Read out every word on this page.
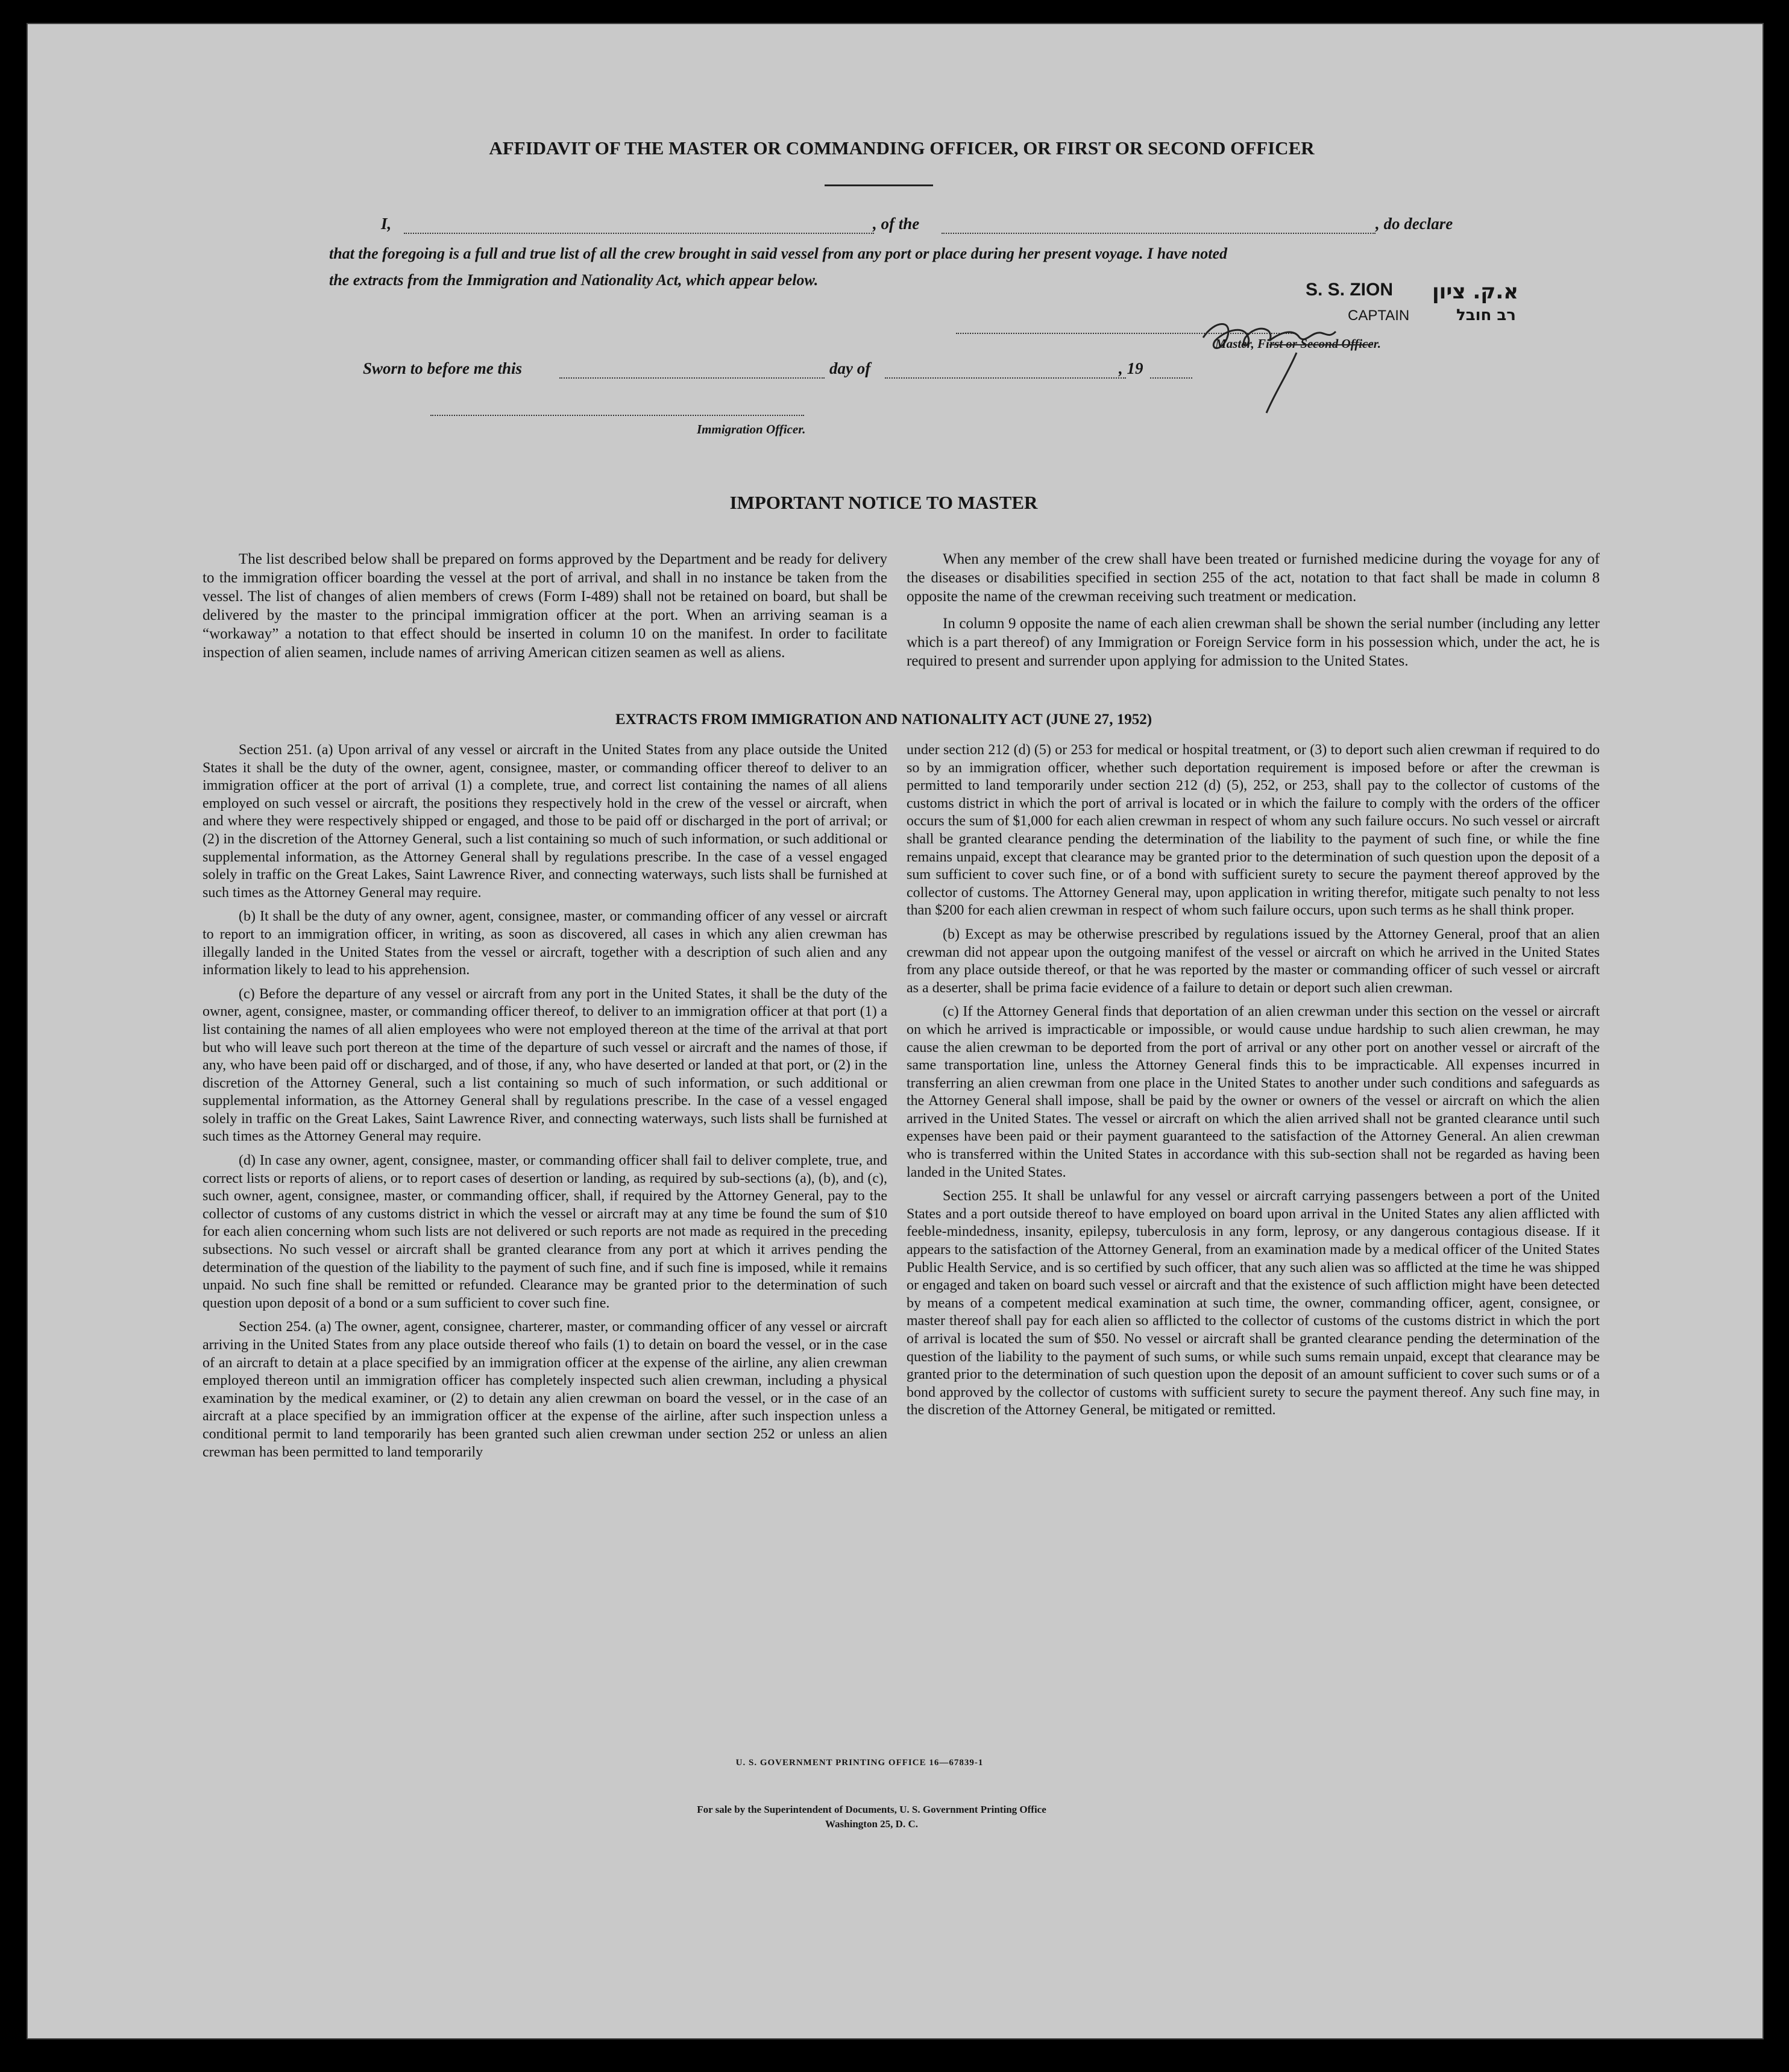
AFFIDAVIT OF THE MASTER OR COMMANDING OFFICER, OR FIRST OR SECOND OFFICER
I,	, of the	, do declare
that the foregoing is a full and true list of all the crew brought in said vessel from any port or place during her present voyage. I have noted
the extracts from the Immigration and Nationality Act, which appear below.	S. S. ZION א.ק. ציון
CAPTAIN	רב חובל
Master, First or Second Officer.
Sworn to before me this	day of	, 19
Immigration Officer.
IMPORTANT NOTICE TO MASTER

The list described below shall be prepared on forms approved by the Department and be ready for delivery to the immigration officer boarding the vessel at the port of arrival, and shall in no instance be taken from the vessel. The list of changes of alien members of crews (Form I-489) shall not be retained on board, but shall be delivered by the master to the principal immigration officer at the port. When an arriving seaman is a “workaway” a notation to that effect should be inserted in column 10 on the manifest. In order to facilitate inspection of alien seamen, include names of arriving American citizen seamen as well as aliens.

When any member of the crew shall have been treated or furnished medicine during the voyage for any of the diseases or disabilities specified in section 255 of the act, notation to that fact shall be made in column 8 opposite the name of the crewman receiving such treatment or medication.

In column 9 opposite the name of each alien crewman shall be shown the serial number (including any letter which is a part thereof) of any Immigration or Foreign Service form in his possession which, under the act, he is required to present and surrender upon applying for admission to the United States.

EXTRACTS FROM IMMIGRATION AND NATIONALITY ACT (JUNE 27, 1952)

Section 251. (a) Upon arrival of any vessel or aircraft in the United States from any place outside the United States it shall be the duty of the owner, agent, consignee, master, or commanding officer thereof to deliver to an immigration officer at the port of arrival (1) a complete, true, and correct list containing the names of all aliens employed on such vessel or aircraft, the positions they respectively hold in the crew of the vessel or aircraft, when and where they were respectively shipped or engaged, and those to be paid off or discharged in the port of arrival; or (2) in the discretion of the Attorney General, such a list containing so much of such information, or such additional or supplemental information, as the Attorney General shall by regulations prescribe. In the case of a vessel engaged solely in traffic on the Great Lakes, Saint Lawrence River, and connecting waterways, such lists shall be furnished at such times as the Attorney General may require.

(b) It shall be the duty of any owner, agent, consignee, master, or commanding officer of any vessel or aircraft to report to an immigration officer, in writing, as soon as discovered, all cases in which any alien crewman has illegally landed in the United States from the vessel or aircraft, together with a description of such alien and any information likely to lead to his apprehension.

(c) Before the departure of any vessel or aircraft from any port in the United States, it shall be the duty of the owner, agent, consignee, master, or commanding officer thereof, to deliver to an immigration officer at that port (1) a list containing the names of all alien employees who were not employed thereon at the time of the arrival at that port but who will leave such port thereon at the time of the departure of such vessel or aircraft and the names of those, if any, who have been paid off or discharged, and of those, if any, who have deserted or landed at that port, or (2) in the discretion of the Attorney General, such a list containing so much of such information, or such additional or supplemental information, as the Attorney General shall by regulations prescribe. In the case of a vessel engaged solely in traffic on the Great Lakes, Saint Lawrence River, and connecting waterways, such lists shall be furnished at such times as the Attorney General may require.

(d) In case any owner, agent, consignee, master, or commanding officer shall fail to deliver complete, true, and correct lists or reports of aliens, or to report cases of desertion or landing, as required by sub-sections (a), (b), and (c), such owner, agent, consignee, master, or commanding officer, shall, if required by the Attorney General, pay to the collector of customs of any customs district in which the vessel or aircraft may at any time be found the sum of $10 for each alien concerning whom such lists are not delivered or such reports are not made as required in the preceding subsections. No such vessel or aircraft shall be granted clearance from any port at which it arrives pending the determination of the question of the liability to the payment of such fine, and if such fine is imposed, while it remains unpaid. No such fine shall be remitted or refunded. Clearance may be granted prior to the determination of such question upon deposit of a bond or a sum sufficient to cover such fine.

Section 254. (a) The owner, agent, consignee, charterer, master, or commanding officer of any vessel or aircraft arriving in the United States from any place outside thereof who fails (1) to detain on board the vessel, or in the case of an aircraft to detain at a place specified by an immigration officer at the expense of the airline, any alien crewman employed thereon until an immigration officer has completely inspected such alien crewman, including a physical examination by the medical examiner, or (2) to detain any alien crewman on board the vessel, or in the case of an aircraft at a place specified by an immigration officer at the expense of the airline, after such inspection unless a conditional permit to land temporarily has been granted such alien crewman under section 252 or unless an alien crewman has been permitted to land temporarily

under section 212 (d) (5) or 253 for medical or hospital treatment, or (3) to deport such alien crewman if required to do so by an immigration officer, whether such deportation requirement is imposed before or after the crewman is permitted to land temporarily under section 212 (d) (5), 252, or 253, shall pay to the collector of customs of the customs district in which the port of arrival is located or in which the failure to comply with the orders of the officer occurs the sum of $1,000 for each alien crewman in respect of whom any such failure occurs. No such vessel or aircraft shall be granted clearance pending the determination of the liability to the payment of such fine, or while the fine remains unpaid, except that clearance may be granted prior to the determination of such question upon the deposit of a sum sufficient to cover such fine, or of a bond with sufficient surety to secure the payment thereof approved by the collector of customs. The Attorney General may, upon application in writing therefor, mitigate such penalty to not less than $200 for each alien crewman in respect of whom such failure occurs, upon such terms as he shall think proper.

(b) Except as may be otherwise prescribed by regulations issued by the Attorney General, proof that an alien crewman did not appear upon the outgoing manifest of the vessel or aircraft on which he arrived in the United States from any place outside thereof, or that he was reported by the master or commanding officer of such vessel or aircraft as a deserter, shall be prima facie evidence of a failure to detain or deport such alien crewman.

(c) If the Attorney General finds that deportation of an alien crewman under this section on the vessel or aircraft on which he arrived is impracticable or impossible, or would cause undue hardship to such alien crewman, he may cause the alien crewman to be deported from the port of arrival or any other port on another vessel or aircraft of the same transportation line, unless the Attorney General finds this to be impracticable. All expenses incurred in transferring an alien crewman from one place in the United States to another under such conditions and safeguards as the Attorney General shall impose, shall be paid by the owner or owners of the vessel or aircraft on which the alien arrived in the United States. The vessel or aircraft on which the alien arrived shall not be granted clearance until such expenses have been paid or their payment guaranteed to the satisfaction of the Attorney General. An alien crewman who is transferred within the United States in accordance with this sub-section shall not be regarded as having been landed in the United States.

Section 255. It shall be unlawful for any vessel or aircraft carrying passengers between a port of the United States and a port outside thereof to have employed on board upon arrival in the United States any alien afflicted with feeble-mindedness, insanity, epilepsy, tuberculosis in any form, leprosy, or any dangerous contagious disease. If it appears to the satisfaction of the Attorney General, from an examination made by a medical officer of the United States Public Health Service, and is so certified by such officer, that any such alien was so afflicted at the time he was shipped or engaged and taken on board such vessel or aircraft and that the existence of such affliction might have been detected by means of a competent medical examination at such time, the owner, commanding officer, agent, consignee, or master thereof shall pay for each alien so afflicted to the collector of customs of the customs district in which the port of arrival is located the sum of $50. No vessel or aircraft shall be granted clearance pending the determination of the question of the liability to the payment of such sums, or while such sums remain unpaid, except that clearance may be granted prior to the determination of such question upon the deposit of an amount sufficient to cover such sums or of a bond approved by the collector of customs with sufficient surety to secure the payment thereof. Any such fine may, in the discretion of the Attorney General, be mitigated or remitted.

U. S. GOVERNMENT PRINTING OFFICE 16—67839-1
For sale by the Superintendent of Documents, U. S. Government Printing Office
Washington 25, D. C.
